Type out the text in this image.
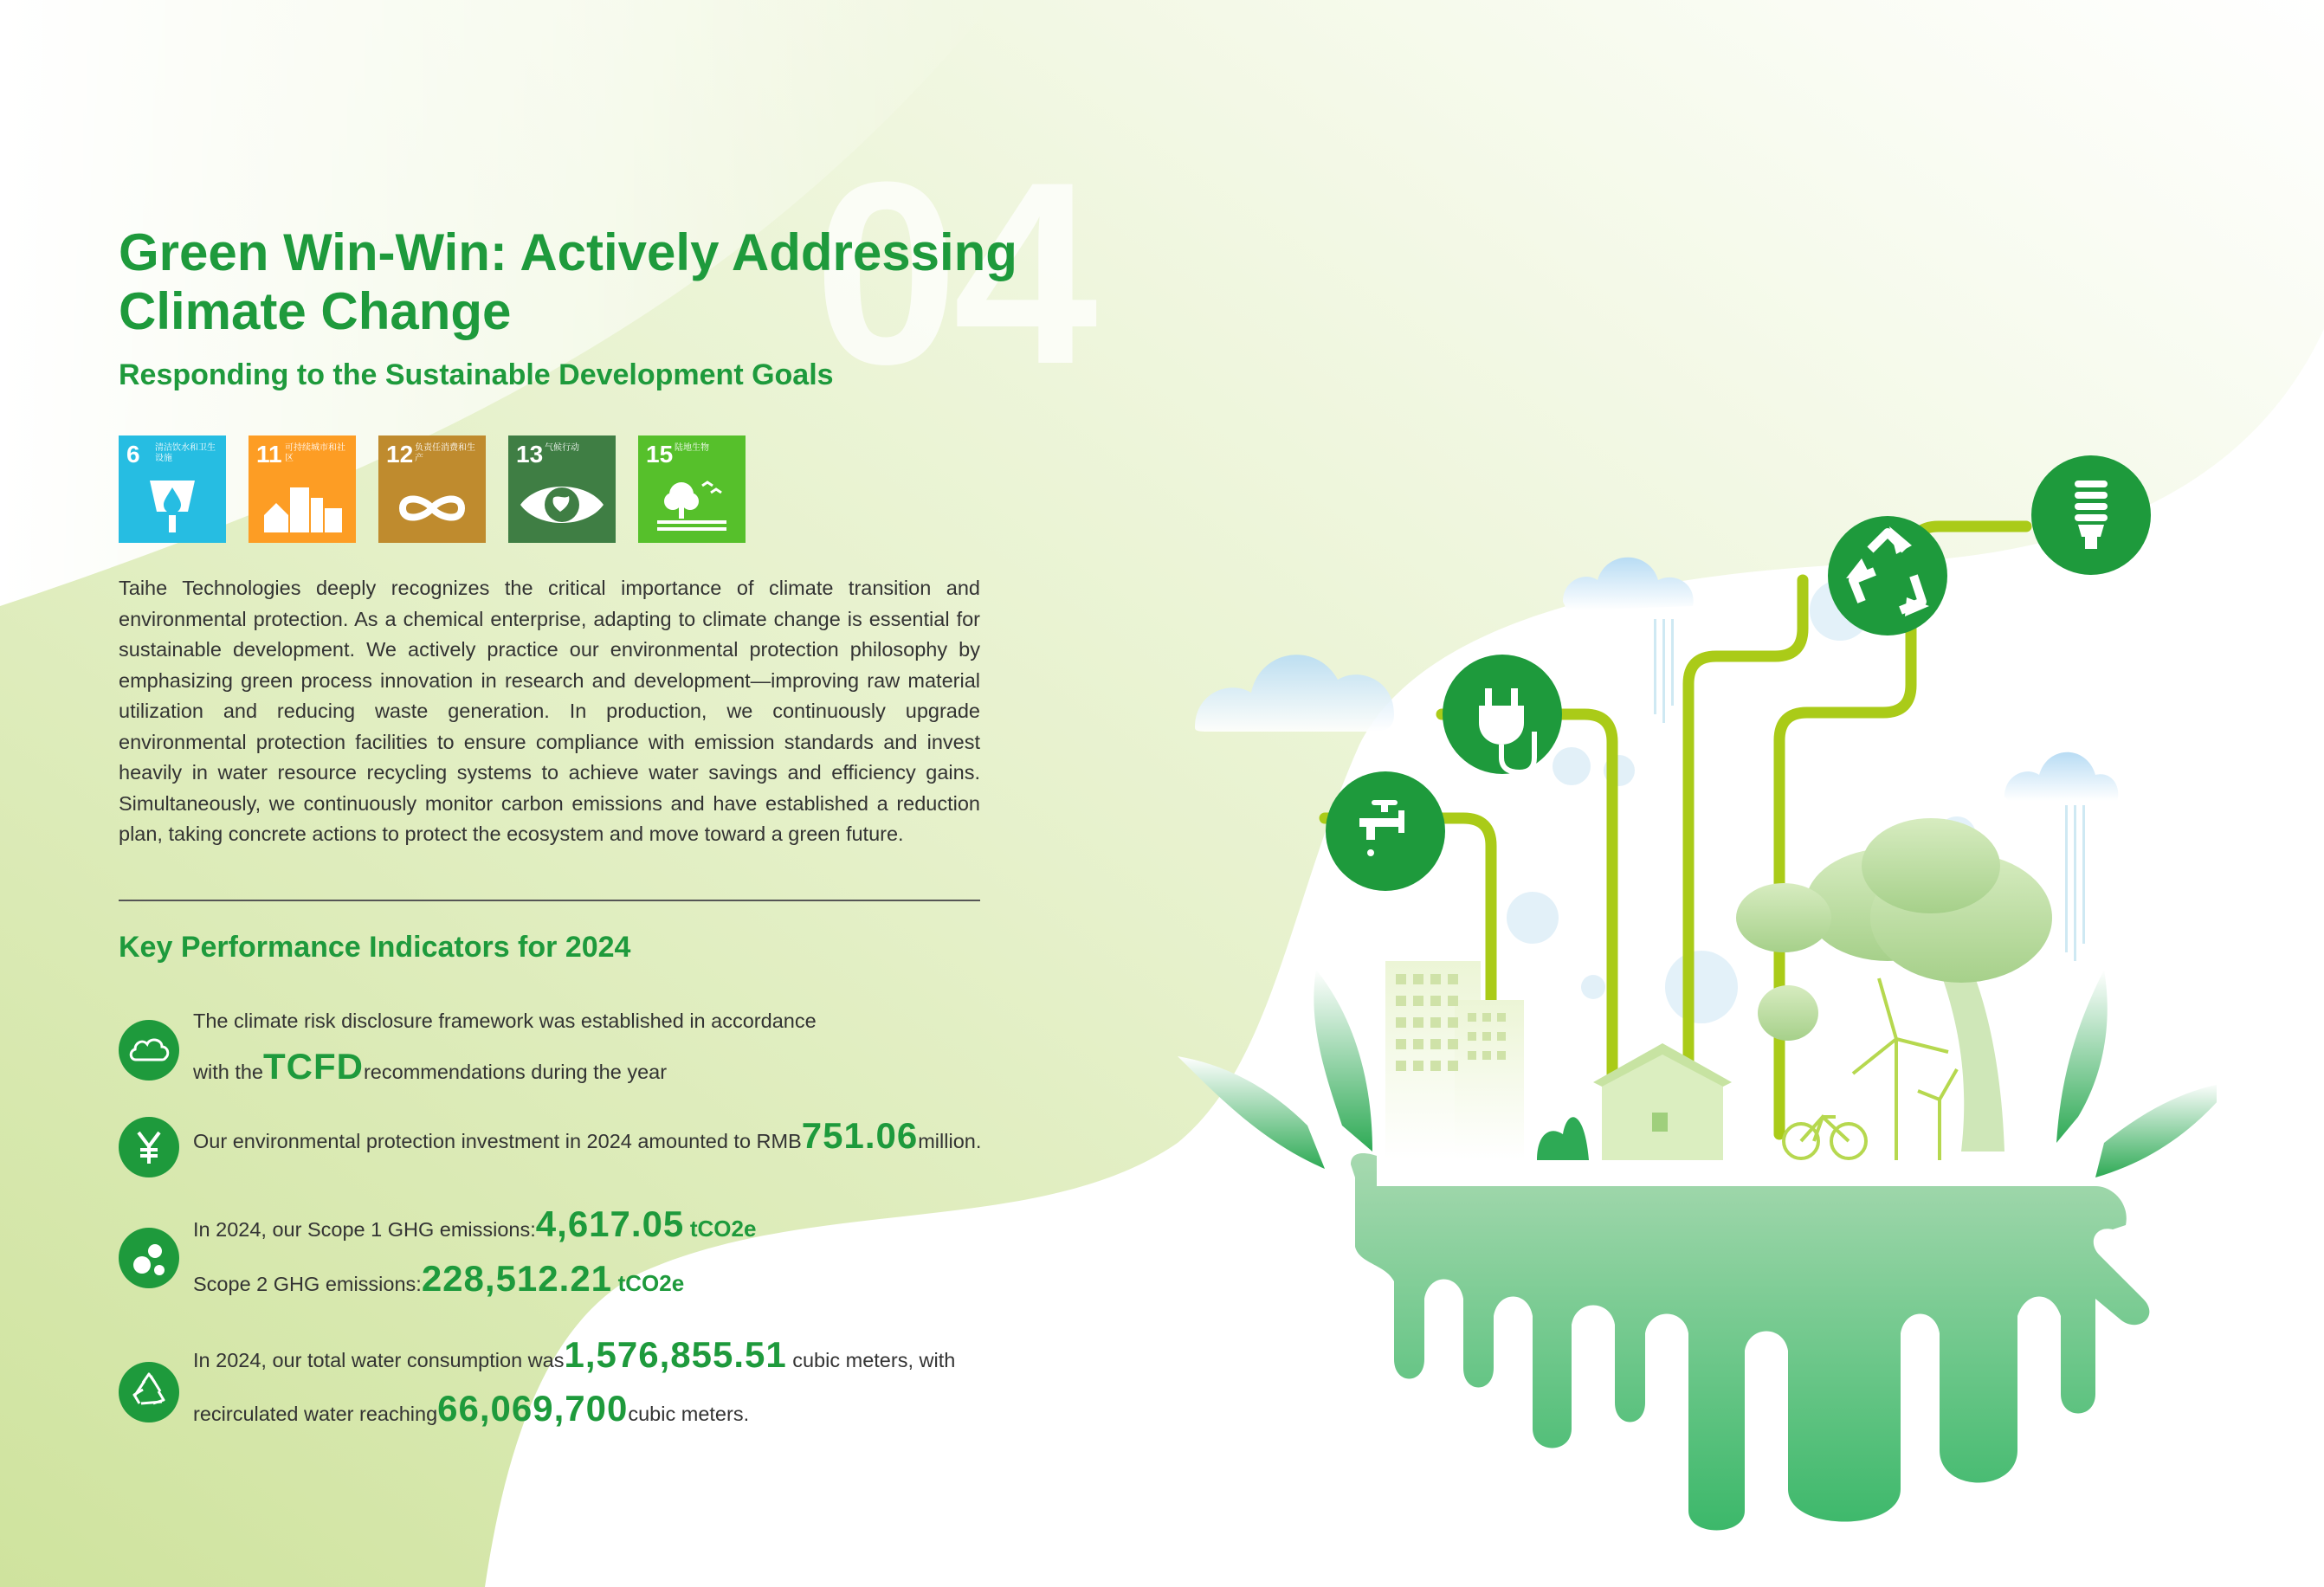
04
Green Win-Win: Actively Addressing
Climate Change
Responding to the Sustainable Development Goals
6 清洁饮水和卫生设施	11 可持续城市和社区	12 负责任消费和生产	13 气候行动	15 陆地生物
Taihe Technologies deeply recognizes the critical importance of climate transition and environmental protection. As a chemical enterprise, adapting to climate change is essential for sustainable development. We actively practice our environmental protection philosophy by emphasizing green process innovation in research and development—improving raw material utilization and reducing waste generation. In production, we continuously upgrade environmental protection facilities to ensure compliance with emission standards and invest heavily in water resource recycling systems to achieve water savings and efficiency gains. Simultaneously, we continuously monitor carbon emissions and have established a reduction plan, taking concrete actions to protect the ecosystem and move toward a green future.
Key Performance Indicators for 2024
The climate risk disclosure framework was established in accordance
with theTCFDrecommendations during the year
Our environmental protection investment in 2024 amounted to RMB751.06million.
In 2024, our Scope 1 GHG emissions:4,617.05 tCO2e
Scope 2 GHG emissions:228,512.21 tCO2e
In 2024, our total water consumption was1,576,855.51 cubic meters, with
recirculated water reaching66,069,700cubic meters.
